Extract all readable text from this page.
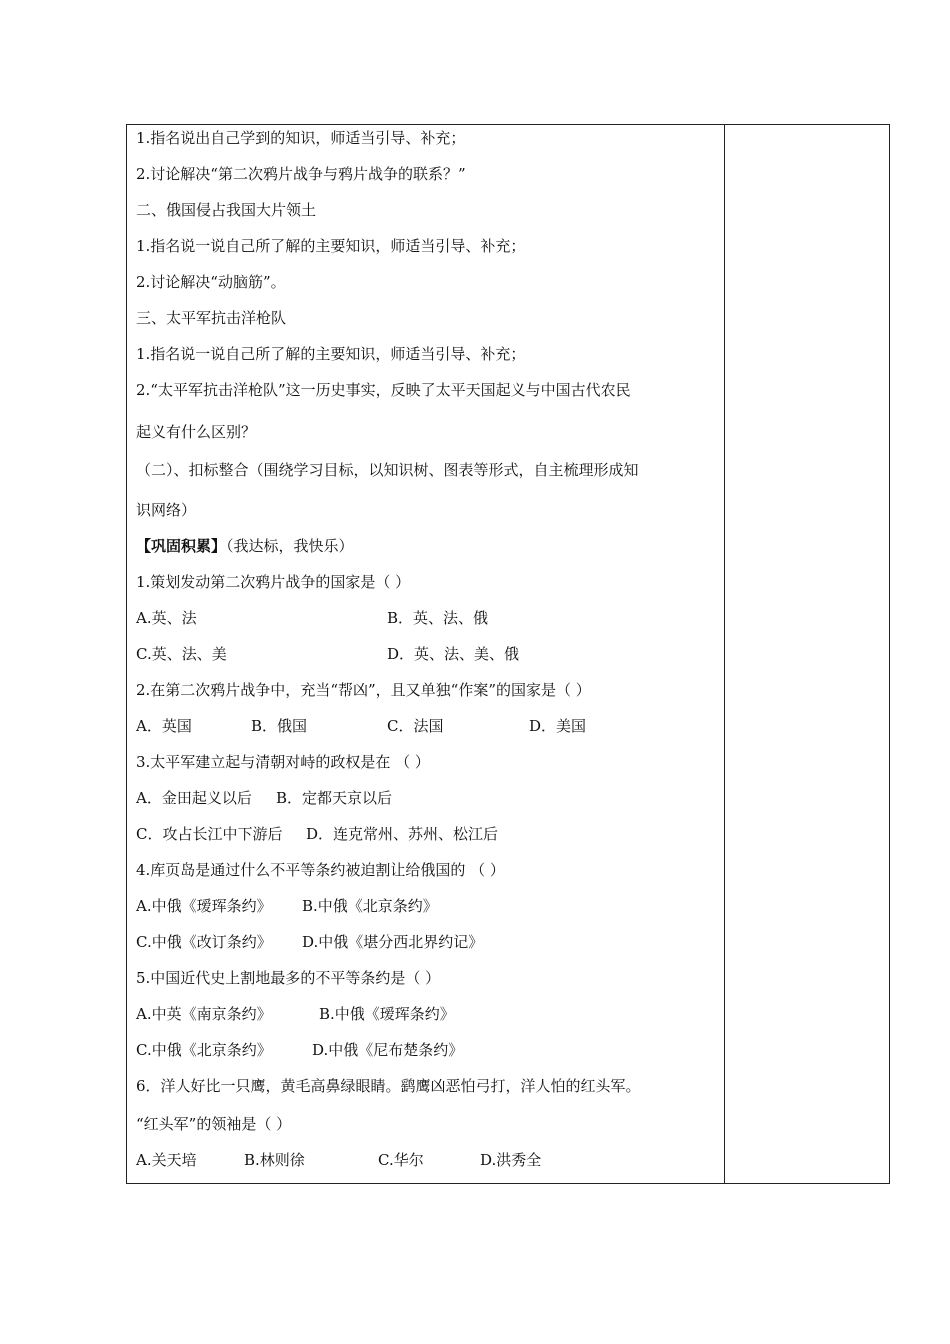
1.指名说出自己学到的知识，师适当引导、补充；
2.讨论解决“第二次鸦片战争与鸦片战争的联系？”
二、俄国侵占我国大片领土
1.指名说一说自己所了解的主要知识，师适当引导、补充；
2.讨论解决“动脑筋”。
三、太平军抗击洋枪队
1.指名说一说自己所了解的主要知识，师适当引导、补充；
2.“太平军抗击洋枪队”这一历史事实，反映了太平天国起义与中国古代农民
起义有什么区别？
（二）、扣标整合（围绕学习目标，以知识树、图表等形式，自主梳理形成知
识网络）
【巩固积累】（我达标，我快乐）
1.策划发动第二次鸦片战争的国家是（ ）
A.英、法	B．英、法、俄
C.英、法、美	D．英、法、美、俄
2.在第二次鸦片战争中，充当“帮凶”，且又单独“作案”的国家是（ ）
A．英国	B．俄国	C．法国	D．美国
3.太平军建立起与清朝对峙的政权是在 （ ）
A．金田起义以后 B．定都天京以后
C．攻占长江中下游后 D．连克常州、苏州、松江后
4.库页岛是通过什么不平等条约被迫割让给俄国的 （ ）
A.中俄《瑷珲条约》 B.中俄《北京条约》
C.中俄《改订条约》 D.中俄《堪分西北界约记》
5.中国近代史上割地最多的不平等条约是（ ）
A.中英《南京条约》	B.中俄《瑷珲条约》
C.中俄《北京条约》	D.中俄《尼布楚条约》
6．洋人好比一只鹰，黄毛高鼻绿眼睛。鹞鹰凶恶怕弓打，洋人怕的红头军。
“红头军”的领袖是（ ）
A.关天培	B.林则徐	C.华尔	D.洪秀全
